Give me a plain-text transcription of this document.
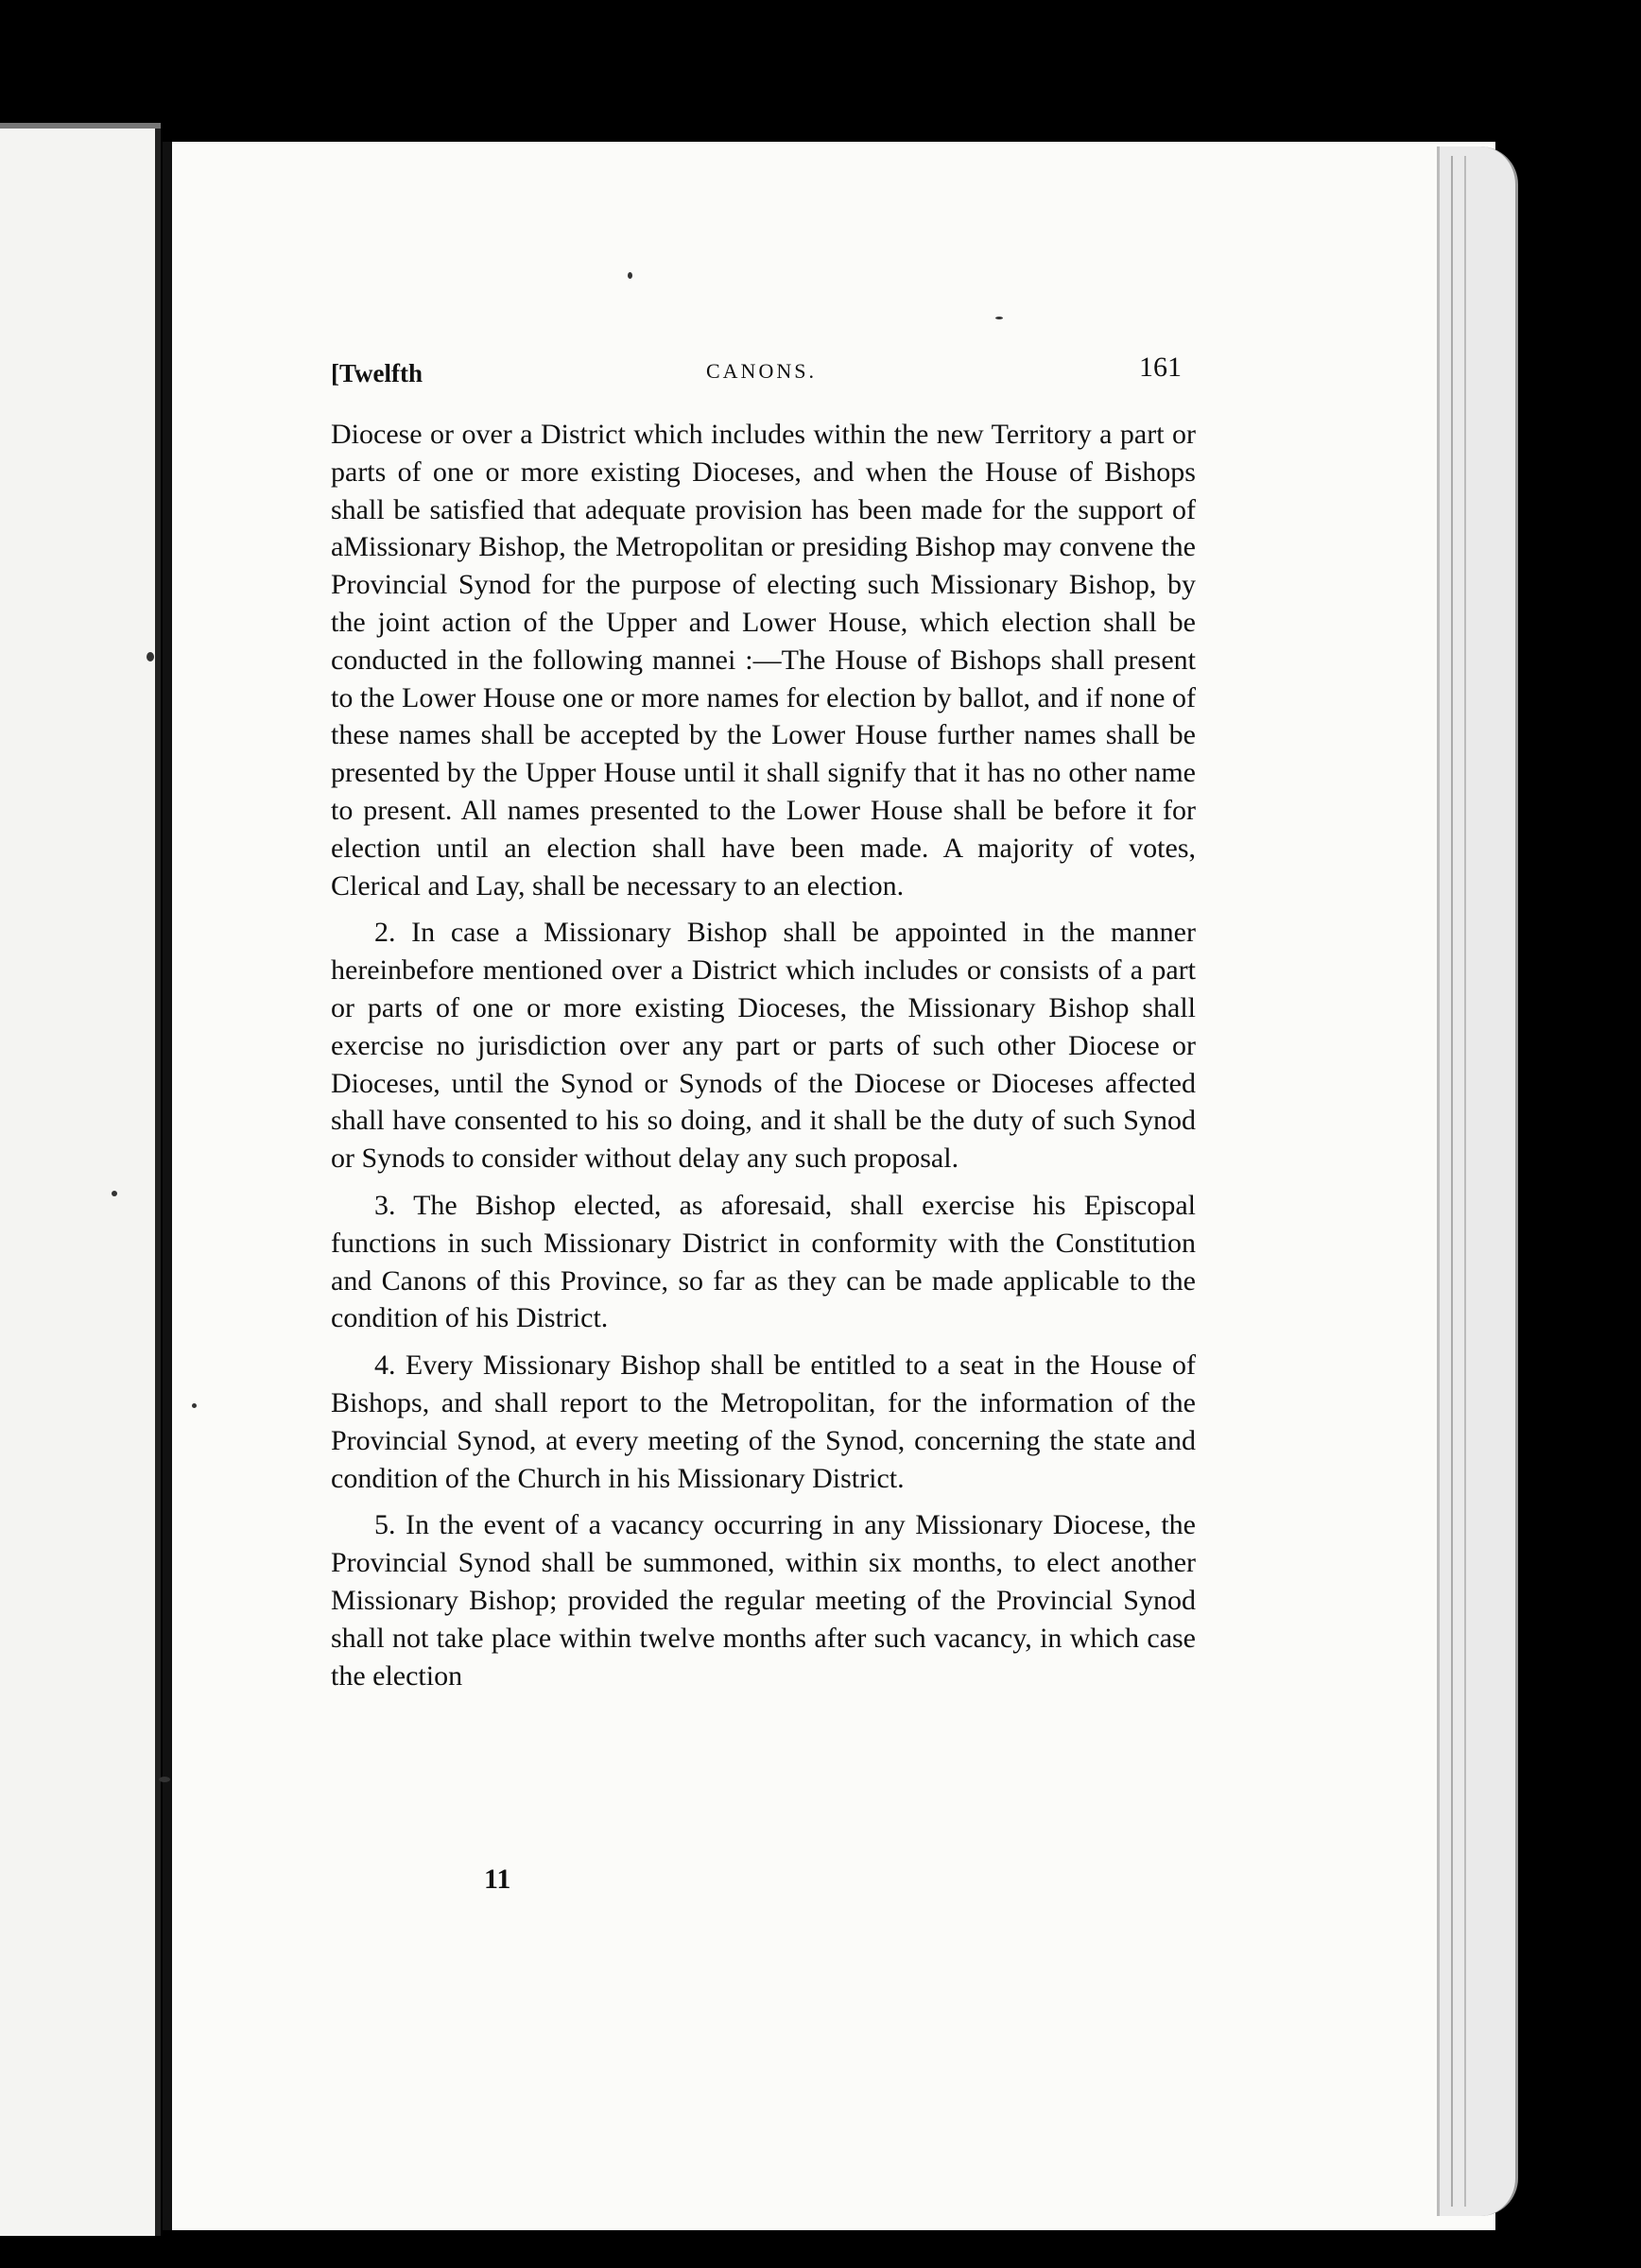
[Twelfth	CANONS.	161

Diocese or over a District which includes within the new Territory a part or parts of one or more existing Dioceses, and when the House of Bishops shall be satisfied that adequate provision has been made for the support of aMissionary Bishop, the Metropolitan or presiding Bishop may convene the Provincial Synod for the purpose of electing such Missionary Bishop, by the joint action of the Upper and Lower House, which election shall be conducted in the following mannei :—The House of Bishops shall present to the Lower House one or more names for election by ballot, and if none of these names shall be accepted by the Lower House further names shall be presented by the Upper House until it shall signify that it has no other name to present. All names presented to the Lower House shall be before it for election until an election shall have been made. A majority of votes, Clerical and Lay, shall be necessary to an election.

2. In case a Missionary Bishop shall be appointed in the manner hereinbefore mentioned over a District which includes or consists of a part or parts of one or more existing Dioceses, the Missionary Bishop shall exercise no jurisdiction over any part or parts of such other Diocese or Dioceses, until the Synod or Synods of the Diocese or Dioceses affected shall have consented to his so doing, and it shall be the duty of such Synod or Synods to consider without delay any such proposal.

3. The Bishop elected, as aforesaid, shall exercise his Episcopal functions in such Missionary District in conformity with the Constitution and Canons of this Province, so far as they can be made applicable to the condition of his District.

4. Every Missionary Bishop shall be entitled to a seat in the House of Bishops, and shall report to the Metropolitan, for the information of the Provincial Synod, at every meeting of the Synod, concerning the state and condition of the Church in his Missionary District.

5. In the event of a vacancy occurring in any Missionary Diocese, the Provincial Synod shall be summoned, within six months, to elect another Missionary Bishop; provided the regular meeting of the Provincial Synod shall not take place within twelve months after such vacancy, in which case the election

11
